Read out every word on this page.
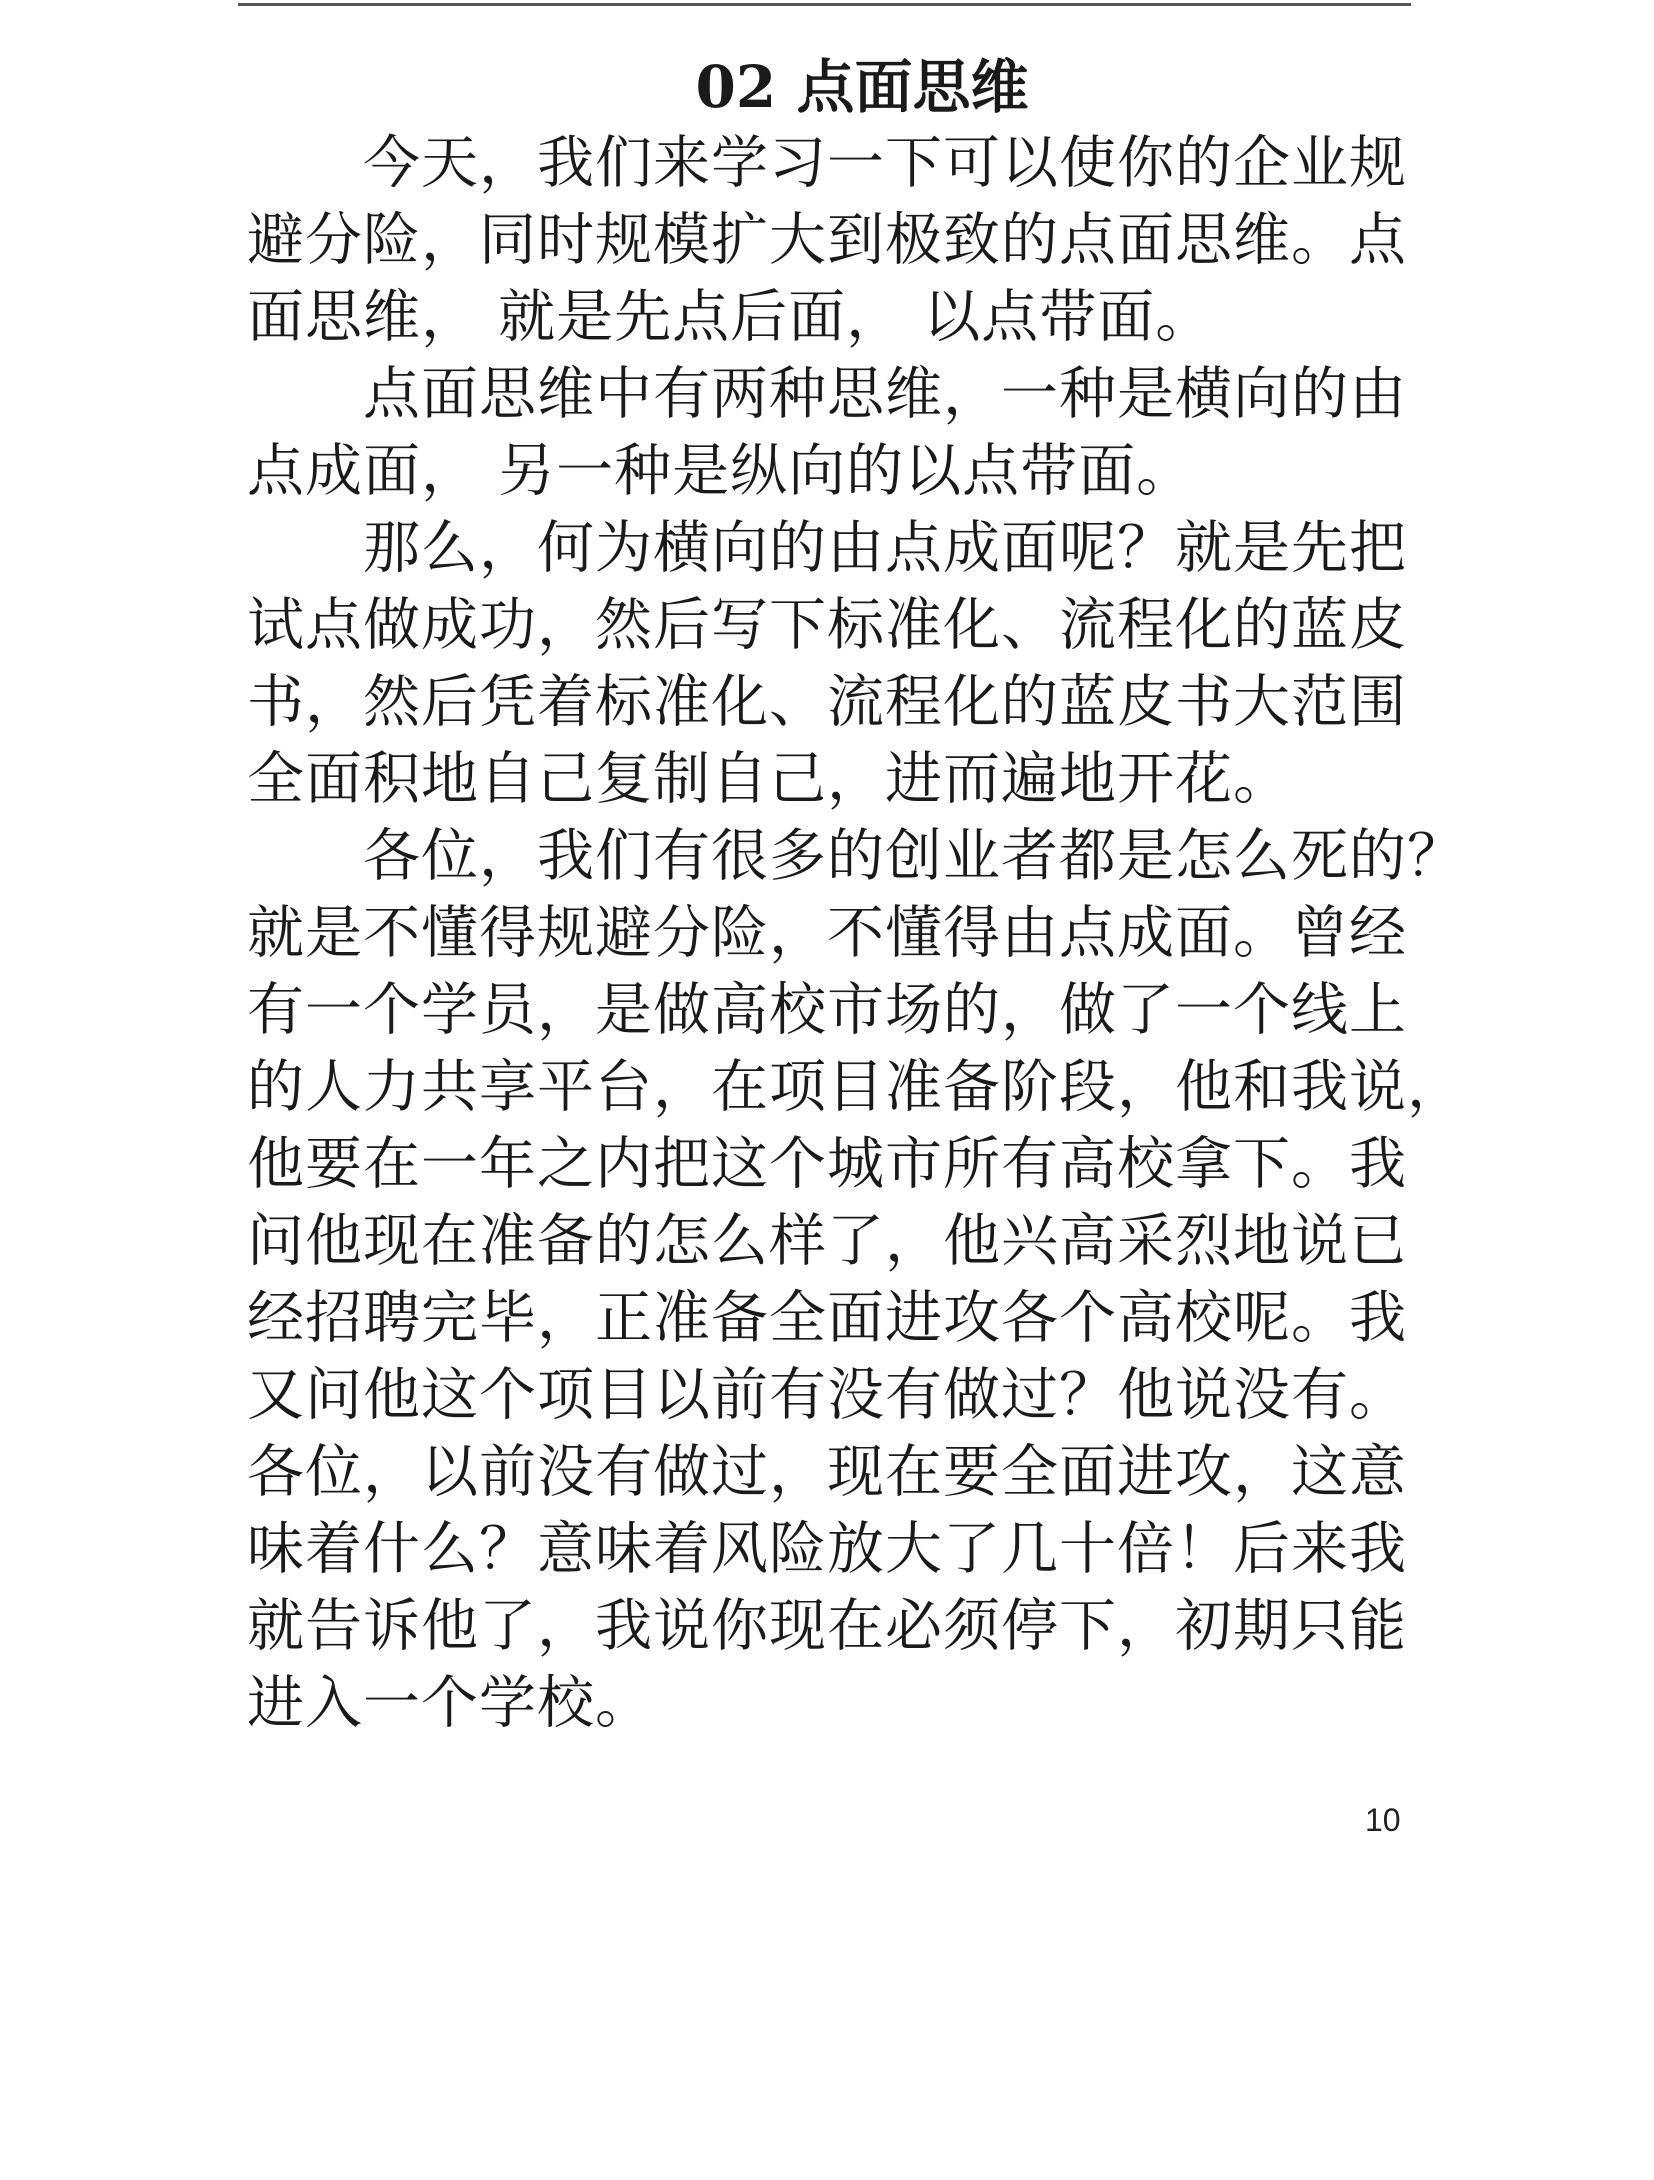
02 点面思维
今天，我们来学习一下可以使你的企业规
避分险，同时规模扩大到极致的点面思维。点
面思维， 就是先点后面， 以点带面。
点面思维中有两种思维，一种是横向的由
点成面， 另一种是纵向的以点带面。
那么，何为横向的由点成面呢？就是先把
试点做成功，然后写下标准化、流程化的蓝皮
书，然后凭着标准化、流程化的蓝皮书大范围
全面积地自己复制自己，进而遍地开花。
各位，我们有很多的创业者都是怎么死的？
就是不懂得规避分险，不懂得由点成面。曾经
有一个学员，是做高校市场的，做了一个线上
的人力共享平台，在项目准备阶段，他和我说，
他要在一年之内把这个城市所有高校拿下。我
问他现在准备的怎么样了，他兴高采烈地说已
经招聘完毕，正准备全面进攻各个高校呢。我
又问他这个项目以前有没有做过？他说没有。
各位，以前没有做过，现在要全面进攻，这意
味着什么？意味着风险放大了几十倍！后来我
就告诉他了，我说你现在必须停下，初期只能
进入一个学校。
10
